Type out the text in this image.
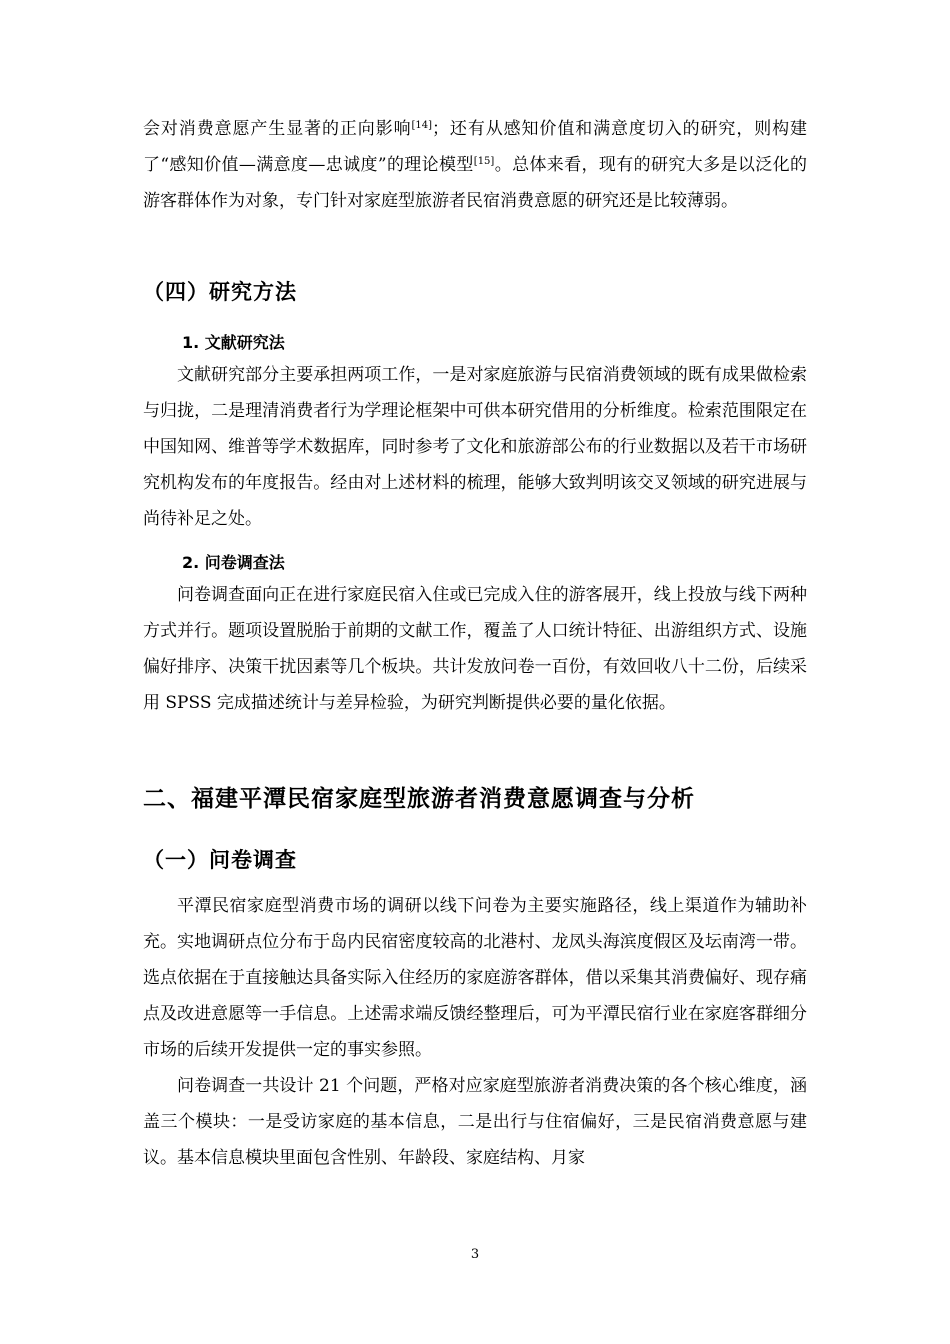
会对消费意愿产生显著的正向影响[14]；还有从感知价值和满意度切入的研究，则构建了“感知价值—满意度—忠诚度”的理论模型[15]。总体来看，现有的研究大多是以泛化的游客群体作为对象，专门针对家庭型旅游者民宿消费意愿的研究还是比较薄弱。

（四）研究方法
1. 文献研究法

文献研究部分主要承担两项工作，一是对家庭旅游与民宿消费领域的既有成果做检索与归拢，二是理清消费者行为学理论框架中可供本研究借用的分析维度。检索范围限定在中国知网、维普等学术数据库，同时参考了文化和旅游部公布的行业数据以及若干市场研究机构发布的年度报告。经由对上述材料的梳理，能够大致判明该交叉领域的研究进展与尚待补足之处。

2. 问卷调查法

问卷调查面向正在进行家庭民宿入住或已完成入住的游客展开，线上投放与线下两种方式并行。题项设置脱胎于前期的文献工作，覆盖了人口统计特征、出游组织方式、设施偏好排序、决策干扰因素等几个板块。共计发放问卷一百份，有效回收八十二份，后续采用 SPSS 完成描述统计与差异检验，为研究判断提供必要的量化依据。

二、福建平潭民宿家庭型旅游者消费意愿调查与分析
（一）问卷调查

平潭民宿家庭型消费市场的调研以线下问卷为主要实施路径，线上渠道作为辅助补充。实地调研点位分布于岛内民宿密度较高的北港村、龙凤头海滨度假区及坛南湾一带。选点依据在于直接触达具备实际入住经历的家庭游客群体，借以采集其消费偏好、现存痛点及改进意愿等一手信息。上述需求端反馈经整理后，可为平潭民宿行业在家庭客群细分市场的后续开发提供一定的事实参照。

问卷调查一共设计 21 个问题，严格对应家庭型旅游者消费决策的各个核心维度，涵盖三个模块：一是受访家庭的基本信息，二是出行与住宿偏好，三是民宿消费意愿与建议。基本信息模块里面包含性别、年龄段、家庭结构、月家

3
